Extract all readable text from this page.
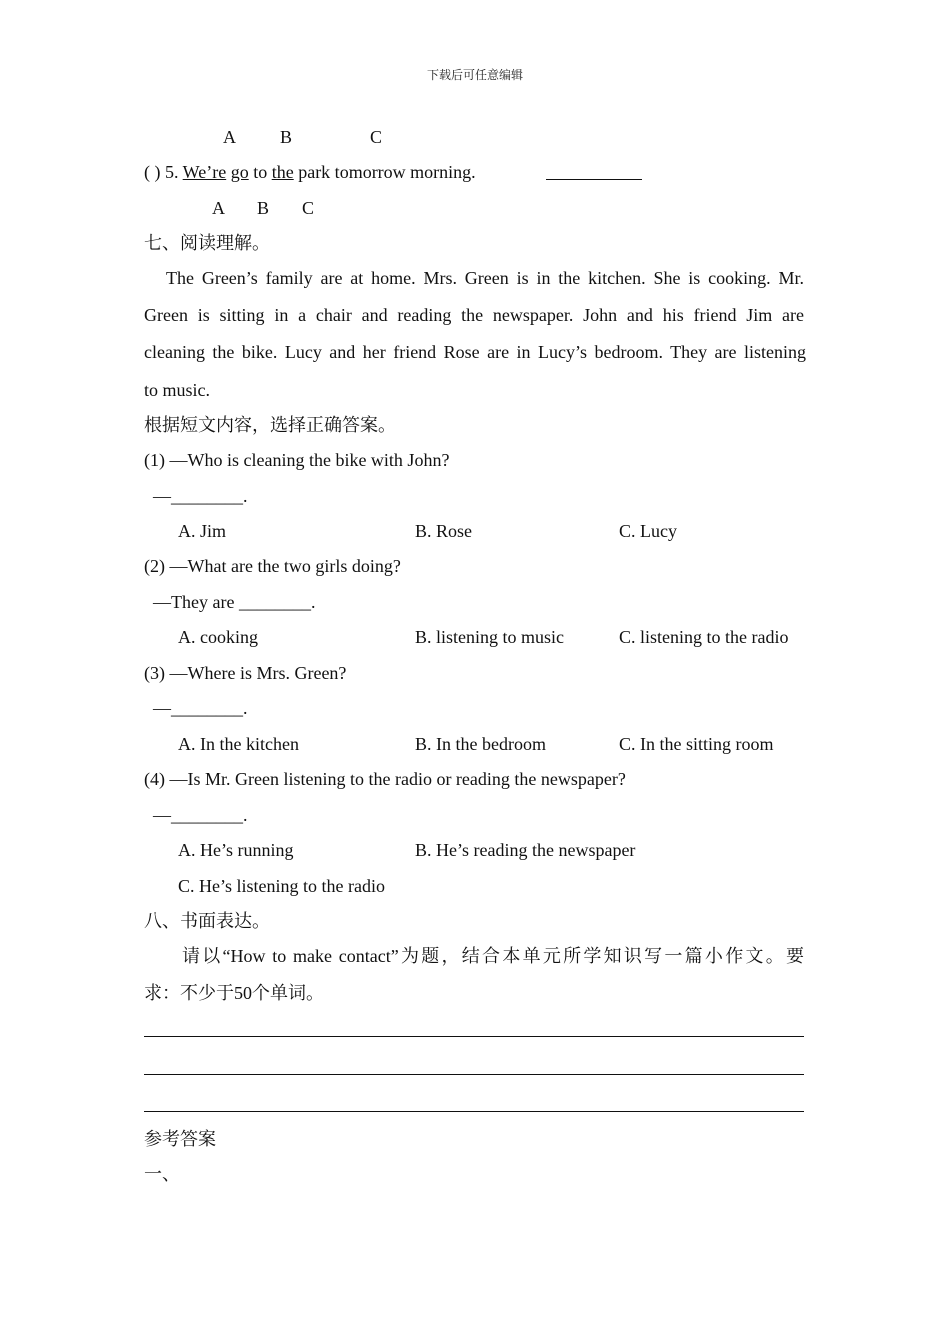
下载后可任意编辑
A B	C
( ) 5. We’re go to the park tomorrow morning.
A B C
七、阅读理解。
The Green’s family are at home. Mrs. Green is in the kitchen. She is cooking. Mr.
Green is sitting in a chair and reading the newspaper. John and his friend Jim are
cleaning the bike. Lucy and her friend Rose are in Lucy’s bedroom. They are listening
to music.
根据短文内容，选择正确答案。
(1) —Who is cleaning the bike with John?
—________.
A. Jim	B. Rose	C. Lucy
(2) —What are the two girls doing?
—They are ________.
A. cooking	B. listening to music	C. listening to the radio
(3) —Where is Mrs. Green?
—________.
A. In the kitchen	B. In the bedroom	C. In the sitting room
(4) —Is Mr. Green listening to the radio or reading the newspaper?
—________.
A. He’s running	B. He’s reading the newspaper
C. He’s listening to the radio
八、书面表达。
请以“How to make contact”为题，结合本单元所学知识写一篇小作文。要
求：不少于50个单词。
参考答案
一、
